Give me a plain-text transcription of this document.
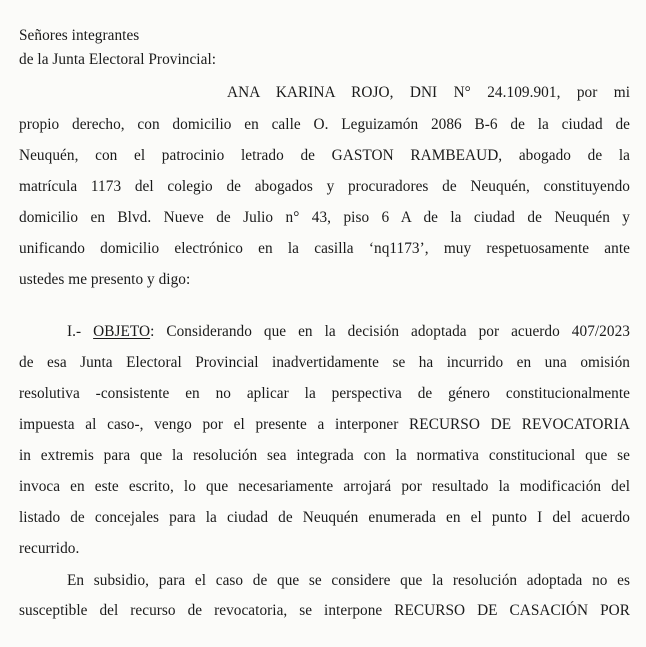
Señores integrantes
de la Junta Electoral Provincial:
ANA KARINA ROJO, DNI N° 24.109.901, por mi
propio derecho, con domicilio en calle O. Leguizamón 2086 B-6 de la ciudad de
Neuquén, con el patrocinio letrado de GASTON RAMBEAUD, abogado de la
matrícula 1173 del colegio de abogados y procuradores de Neuquén, constituyendo
domicilio en Blvd. Nueve de Julio n° 43, piso 6 A de la ciudad de Neuquén y
unificando domicilio electrónico en la casilla ‘nq1173’, muy respetuosamente ante
ustedes me presento y digo:
I.- OBJETO: Considerando que en la decisión adoptada por acuerdo 407/2023
de esa Junta Electoral Provincial inadvertidamente se ha incurrido en una omisión
resolutiva -consistente en no aplicar la perspectiva de género constitucionalmente
impuesta al caso-, vengo por el presente a interponer RECURSO DE REVOCATORIA
in extremis para que la resolución sea integrada con la normativa constitucional que se
invoca en este escrito, lo que necesariamente arrojará por resultado la modificación del
listado de concejales para la ciudad de Neuquén enumerada en el punto I del acuerdo
recurrido.
En subsidio, para el caso de que se considere que la resolución adoptada no es
susceptible del recurso de revocatoria, se interpone RECURSO DE CASACIÓN POR
